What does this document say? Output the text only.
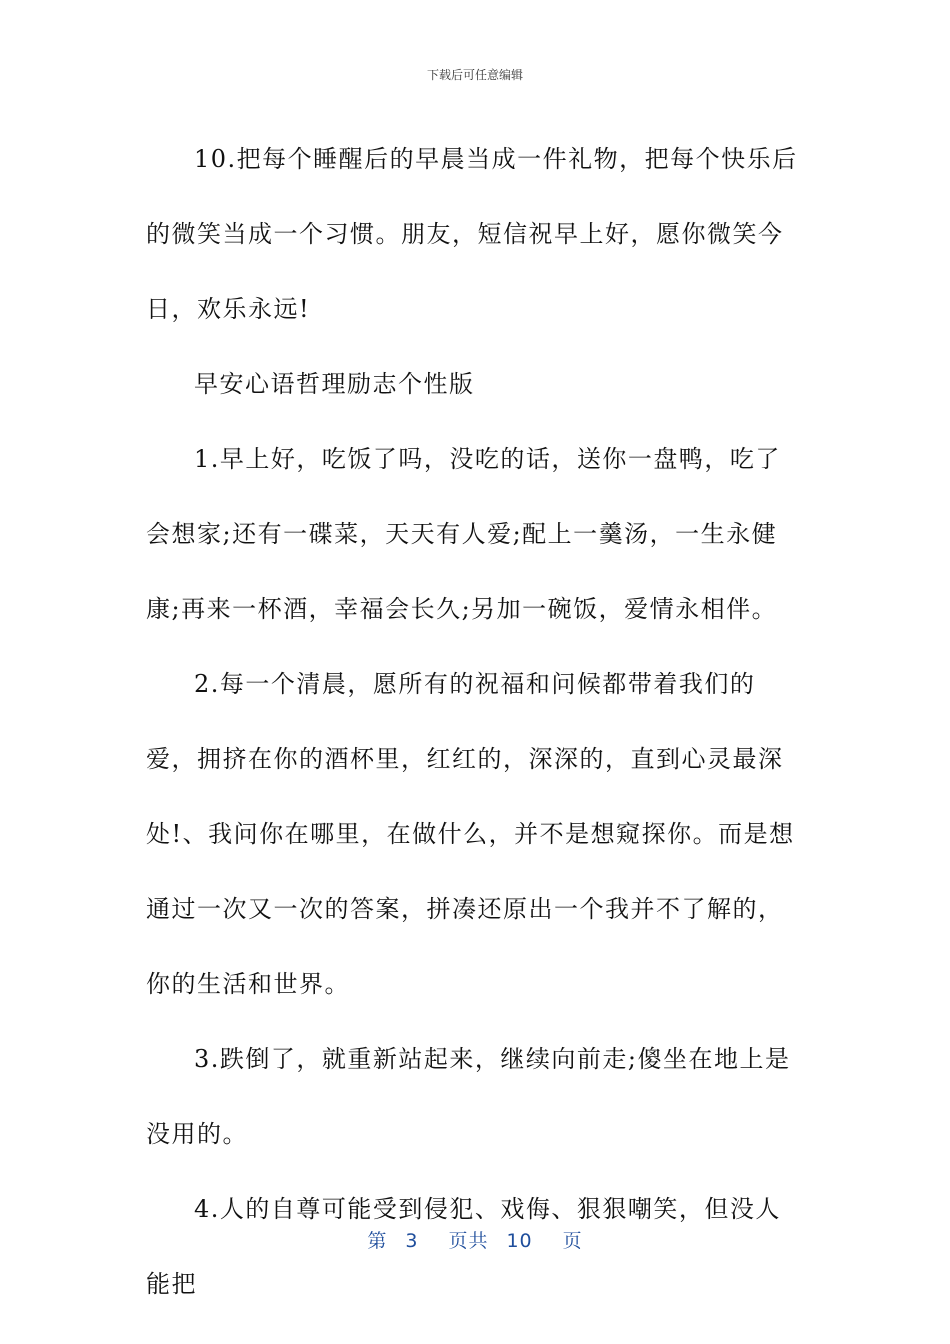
下载后可任意编辑

10.把每个睡醒后的早晨当成一件礼物，把每个快乐后的微笑当成一个习惯。朋友，短信祝早上好，愿你微笑今日，欢乐永远!

早安心语哲理励志个性版

1.早上好，吃饭了吗，没吃的话，送你一盘鸭，吃了会想家;还有一碟菜，天天有人爱;配上一羹汤，一生永健康;再来一杯酒，幸福会长久;另加一碗饭，爱情永相伴。

2.每一个清晨，愿所有的祝福和问候都带着我们的爱，拥挤在你的酒杯里，红红的，深深的，直到心灵最深处!、我问你在哪里，在做什么，并不是想窥探你。而是想通过一次又一次的答案，拼凑还原出一个我并不了解的，你的生活和世界。

3.跌倒了，就重新站起来，继续向前走;傻坐在地上是没用的。

4.人的自尊可能受到侵犯、戏侮、狠狠嘲笑，但没人能把

第 3 页共 10 页
